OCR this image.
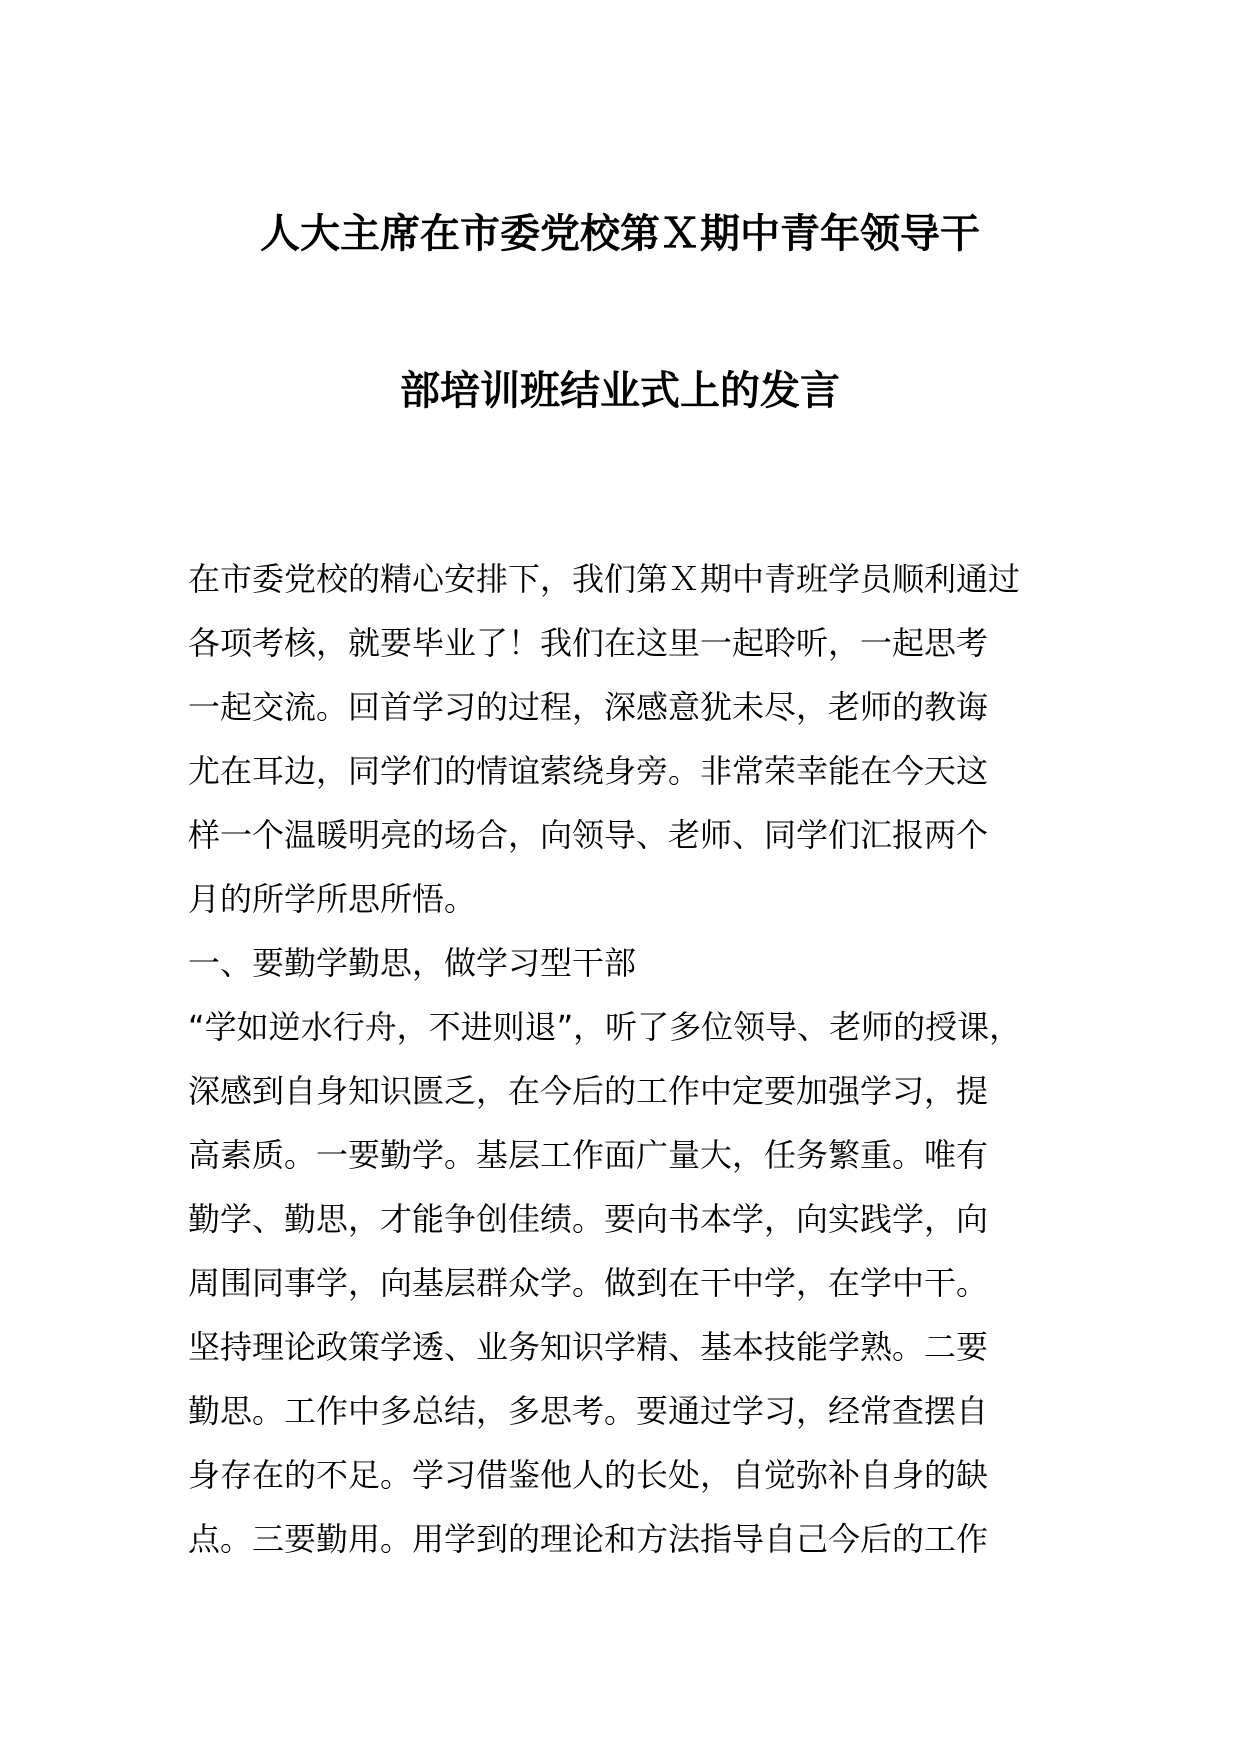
人大主席在市委党校第Ｘ期中青年领导干
部培训班结业式上的发言
在市委党校的精心安排下，我们第Ｘ期中青班学员顺利通过
各项考核，就要毕业了！我们在这里一起聆听，一起思考
一起交流。回首学习的过程，深感意犹未尽，老师的教诲
尤在耳边，同学们的情谊萦绕身旁。非常荣幸能在今天这
样一个温暖明亮的场合，向领导、老师、同学们汇报两个
月的所学所思所悟。
一、要勤学勤思，做学习型干部
“学如逆水行舟，不进则退”，听了多位领导、老师的授课，
深感到自身知识匮乏，在今后的工作中定要加强学习，提
高素质。一要勤学。基层工作面广量大，任务繁重。唯有
勤学、勤思，才能争创佳绩。要向书本学，向实践学，向
周围同事学，向基层群众学。做到在干中学，在学中干。
坚持理论政策学透、业务知识学精、基本技能学熟。二要
勤思。工作中多总结，多思考。要通过学习，经常查摆自
身存在的不足。学习借鉴他人的长处，自觉弥补自身的缺
点。三要勤用。用学到的理论和方法指导自己今后的工作
